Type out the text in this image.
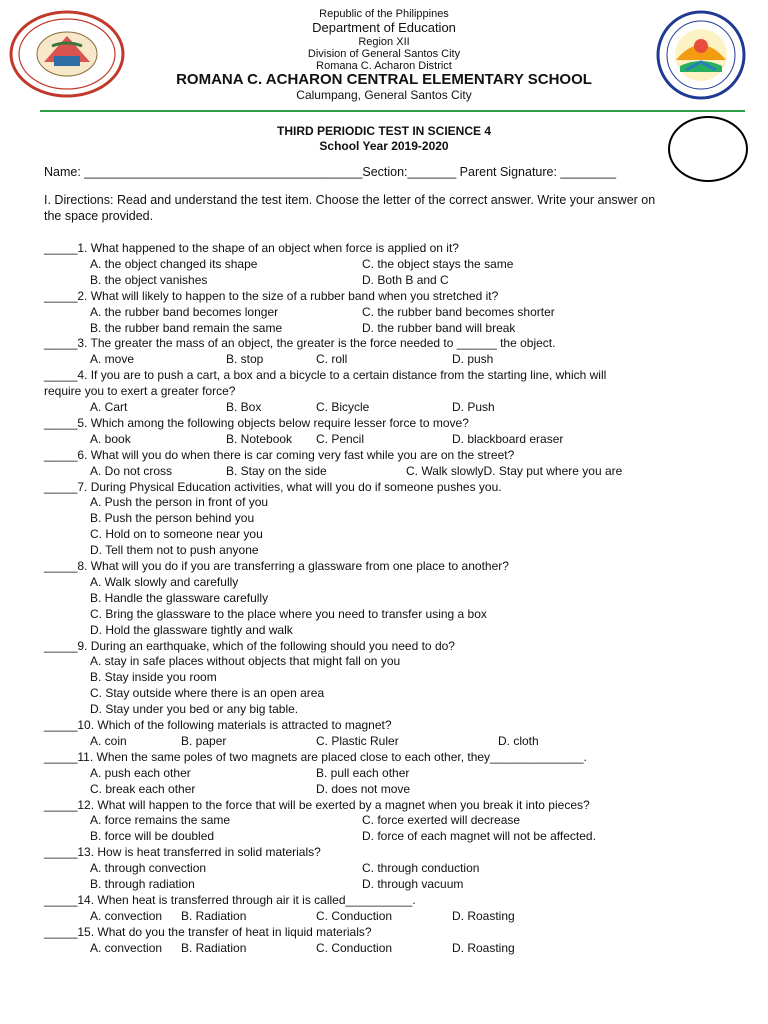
Republic of the Philippines
Department of Education
Region XII
Division of General Santos City
Romana C. Acharon District
ROMANA C. ACHARON CENTRAL ELEMENTARY SCHOOL
Calumpang, General Santos City
THIRD PERIODIC TEST IN SCIENCE 4
School Year 2019-2020
Name: ________________________________________Section:_______ Parent Signature: ________
I. Directions: Read and understand the test item. Choose the letter of the correct answer. Write your answer on
the space provided.
_____1. What happened to the shape of an object when force is applied on it?
A. the object changed its shape	C. the object stays the same
B. the object vanishes	D. Both B and C
_____2. What will likely to happen to the size of a rubber band when you stretched it?
A. the rubber band becomes longer	C. the rubber band becomes shorter
B. the rubber band remain the same	D. the rubber band will break
_____3. The greater the mass of an object, the greater is the force needed to ______ the object.
A. move	B. stop	C. roll	D. push
_____4. If you are to push a cart, a box and a bicycle to a certain distance from the starting line, which will
require you to exert a greater force?
A. Cart	B. Box	C. Bicycle	D. Push
_____5. Which among the following objects below require lesser force to move?
A. book	B. Notebook C. Pencil	D. blackboard eraser
_____6. What will you do when there is car coming very fast while you are on the street?
A. Do not cross	B. Stay on the side	C. Walk slowlyD. Stay put where you are
_____7. During Physical Education activities, what will you do if someone pushes you.
A. Push the person in front of you
B. Push the person behind you
C. Hold on to someone near you
D. Tell them not to push anyone
_____8. What will you do if you are transferring a glassware from one place to another?
A. Walk slowly and carefully
B. Handle the glassware carefully
C. Bring the glassware to the place where you need to transfer using a box
D. Hold the glassware tightly and walk
_____9. During an earthquake, which of the following should you need to do?
A. stay in safe places without objects that might fall on you
B. Stay inside you room
C. Stay outside where there is an open area
D. Stay under you bed or any big table.
_____10. Which of the following materials is attracted to magnet?
A. coin	B. paper	C. Plastic Ruler	D. cloth
_____11. When the same poles of two magnets are placed close to each other, they______________.
A. push each other	B. pull each other
C. break each other	D. does not move
_____12. What will happen to the force that will be exerted by a magnet when you break it into pieces?
A. force remains the same	C. force exerted will decrease
B. force will be doubled	D. force of each magnet will not be affected.
_____13. How is heat transferred in solid materials?
A. through convection	C. through conduction
B. through radiation	D. through vacuum
_____14. When heat is transferred through air it is called__________.
A. convection B. Radiation	C. Conduction	D. Roasting
_____15. What do you the transfer of heat in liquid materials?
A. convection B. Radiation	C. Conduction	D. Roasting
